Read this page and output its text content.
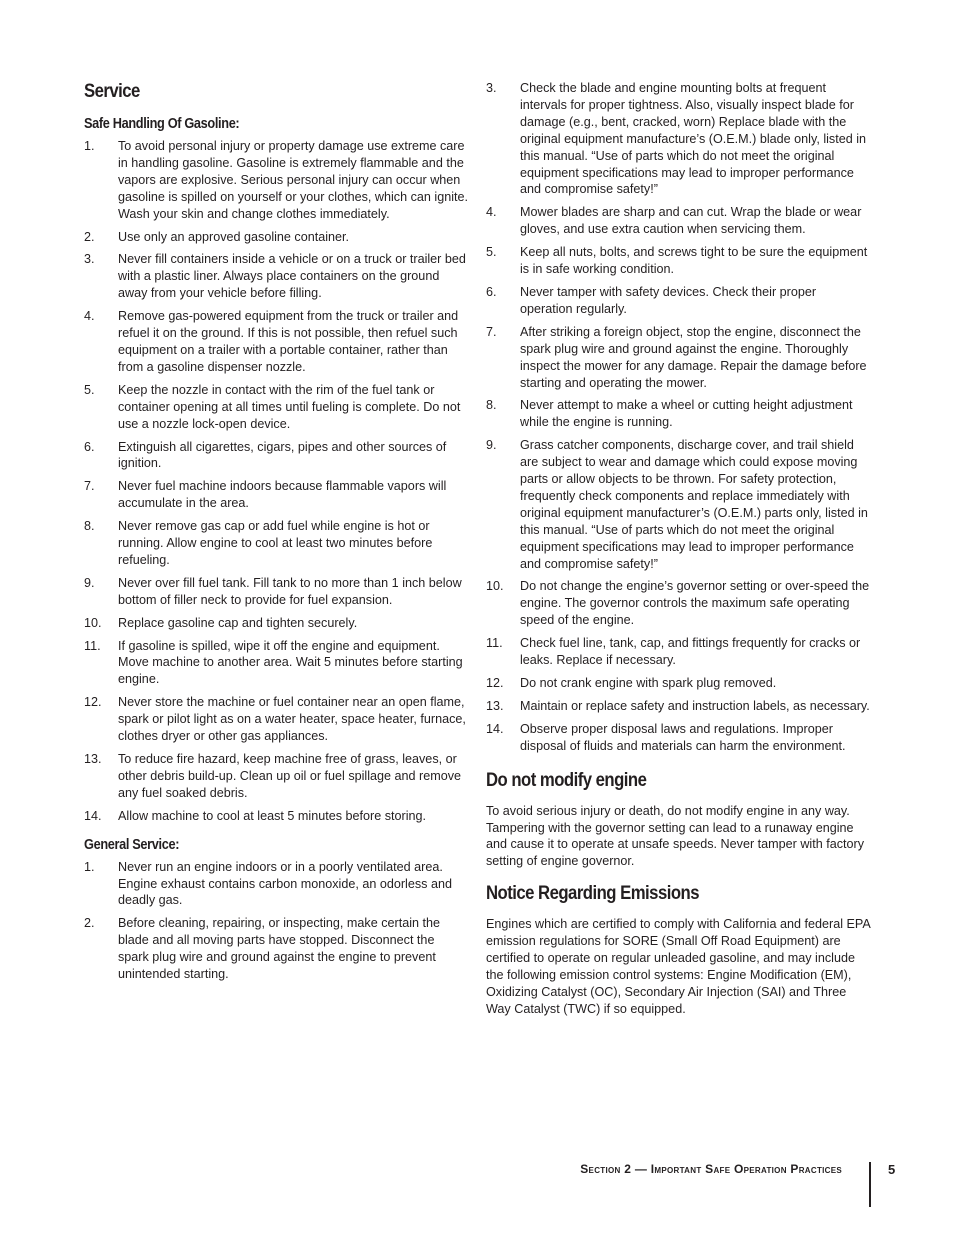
Service
Safe Handling Of Gasoline:
1.	To avoid personal injury or property damage use extreme care in handling gasoline. Gasoline is extremely flammable and the vapors are explosive. Serious personal injury can occur when gasoline is spilled on yourself or your clothes, which can ignite. Wash your skin and change clothes immediately.
2.	Use only an approved gasoline container.
3.	Never fill containers inside a vehicle or on a truck or trailer bed with a plastic liner. Always place containers on the ground away from your vehicle before filling.
4.	Remove gas-powered equipment from the truck or trailer and refuel it on the ground. If this is not possible, then refuel such equipment on a trailer with a portable container, rather than from a gasoline dispenser nozzle.
5.	Keep the nozzle in contact with the rim of the fuel tank or container opening at all times until fueling is complete. Do not use a nozzle lock-open device.
6.	Extinguish all cigarettes, cigars, pipes and other sources of ignition.
7.	Never fuel machine indoors because flammable vapors will accumulate in the area.
8.	Never remove gas cap or add fuel while engine is hot or running. Allow engine to cool at least two minutes before refueling.
9.	Never over fill fuel tank. Fill tank to no more than 1 inch below bottom of filler neck to provide for fuel expansion.
10.	Replace gasoline cap and tighten securely.
11.	If gasoline is spilled, wipe it off the engine and equipment. Move machine to another area. Wait 5 minutes before starting engine.
12.	Never store the machine or fuel container near an open flame, spark or pilot light as on a water heater, space heater, furnace, clothes dryer or other gas appliances.
13.	To reduce fire hazard, keep machine free of grass, leaves, or other debris build-up. Clean up oil or fuel spillage and remove any fuel soaked debris.
14.	Allow machine to cool at least 5 minutes before storing.
General Service:
1.	Never run an engine indoors or in a poorly ventilated area. Engine exhaust contains carbon monoxide, an odorless and deadly gas.
2.	Before cleaning, repairing, or inspecting, make certain the blade and all moving parts have stopped. Disconnect the spark plug wire and ground against the engine to prevent unintended starting.
3.	Check the blade and engine mounting bolts at frequent intervals for proper tightness. Also, visually inspect blade for damage (e.g., bent, cracked, worn) Replace blade with the original equipment manufacture’s (O.E.M.) blade only, listed in this manual. “Use of parts which do not meet the original equipment specifications may lead to improper performance and compromise safety!”
4.	Mower blades are sharp and can cut. Wrap the blade or wear gloves, and use extra caution when servicing them.
5.	Keep all nuts, bolts, and screws tight to be sure the equipment is in safe working condition.
6.	Never tamper with safety devices. Check their proper operation regularly.
7.	After striking a foreign object, stop the engine, disconnect the spark plug wire and ground against the engine. Thoroughly inspect the mower for any damage. Repair the damage before starting and operating the mower.
8.	Never attempt to make a wheel or cutting height adjustment while the engine is running.
9.	Grass catcher components, discharge cover, and trail shield are subject to wear and damage which could expose moving parts or allow objects to be thrown. For safety protection, frequently check components and replace immediately with original equipment manufacturer’s (O.E.M.) parts only, listed in this manual. “Use of parts which do not meet the original equipment specifications may lead to improper performance and compromise safety!”
10.	Do not change the engine’s governor setting or over-speed the engine. The governor controls the maximum safe operating speed of the engine.
11.	Check fuel line, tank, cap, and fittings frequently for cracks or leaks. Replace if necessary.
12.	Do not crank engine with spark plug removed.
13.	Maintain or replace safety and instruction labels, as necessary.
14.	Observe proper disposal laws and regulations. Improper disposal of fluids and materials can harm the environment.
Do not modify engine

To avoid serious injury or death, do not modify engine in any way. Tampering with the governor setting can lead to a runaway engine and cause it to operate at unsafe speeds. Never tamper with factory setting of engine governor.

Notice Regarding Emissions

Engines which are certified to comply with California and federal EPA emission regulations for SORE (Small Off Road Equipment) are certified to operate on regular unleaded gasoline, and may include the following emission control systems: Engine Modification (EM), Oxidizing Catalyst (OC), Secondary Air Injection (SAI) and Three Way Catalyst (TWC) if so equipped.

Section 2 — Important Safe Operation Practices	5
